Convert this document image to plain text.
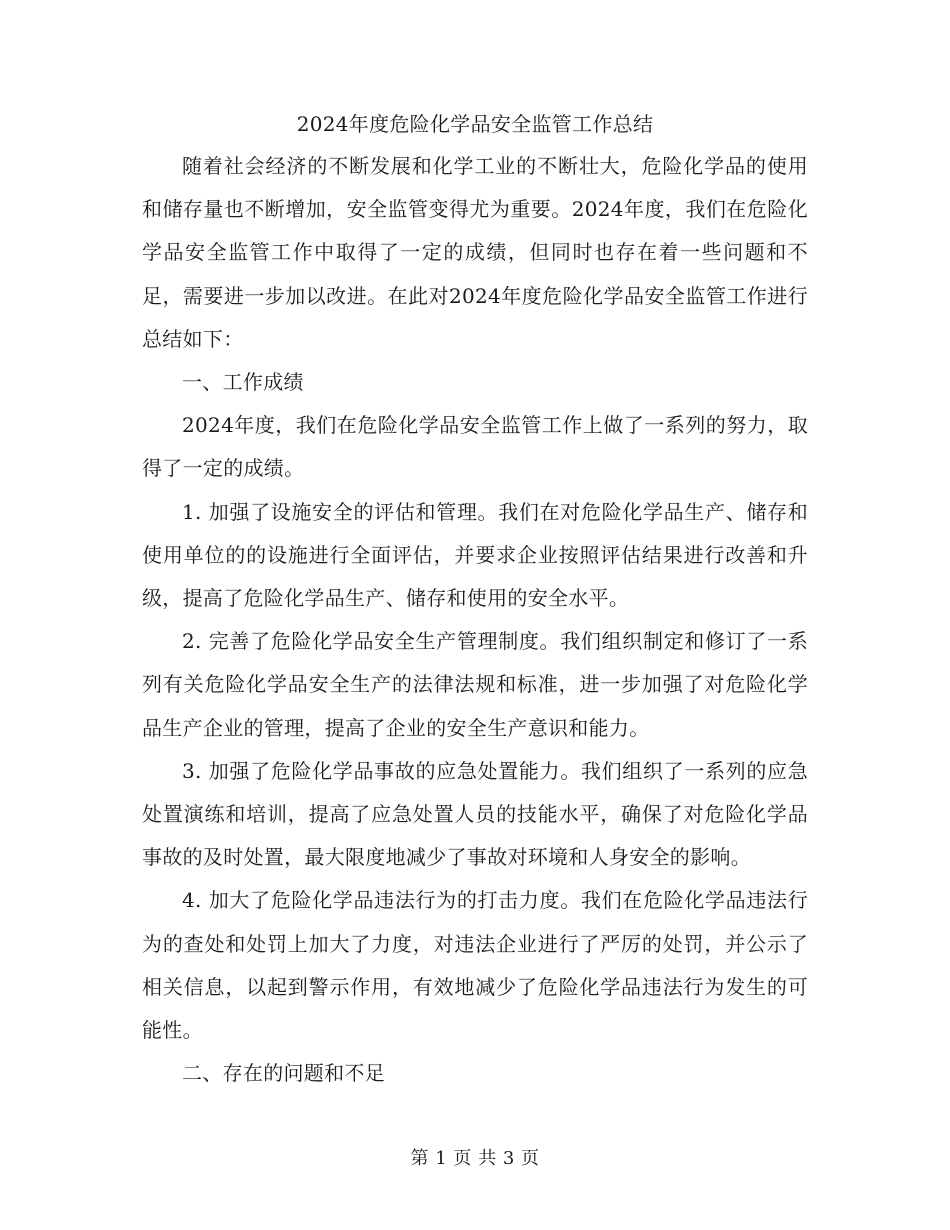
2024年度危险化学品安全监管工作总结

随着社会经济的不断发展和化学工业的不断壮大，危险化学品的使用和储存量也不断增加，安全监管变得尤为重要。2024年度，我们在危险化学品安全监管工作中取得了一定的成绩，但同时也存在着一些问题和不足，需要进一步加以改进。在此对2024年度危险化学品安全监管工作进行总结如下：

一、工作成绩

2024年度，我们在危险化学品安全监管工作上做了一系列的努力，取得了一定的成绩。

1. 加强了设施安全的评估和管理。我们在对危险化学品生产、储存和使用单位的的设施进行全面评估，并要求企业按照评估结果进行改善和升级，提高了危险化学品生产、储存和使用的安全水平。

2. 完善了危险化学品安全生产管理制度。我们组织制定和修订了一系列有关危险化学品安全生产的法律法规和标准，进一步加强了对危险化学品生产企业的管理，提高了企业的安全生产意识和能力。

3. 加强了危险化学品事故的应急处置能力。我们组织了一系列的应急处置演练和培训，提高了应急处置人员的技能水平，确保了对危险化学品事故的及时处置，最大限度地减少了事故对环境和人身安全的影响。

4. 加大了危险化学品违法行为的打击力度。我们在危险化学品违法行为的查处和处罚上加大了力度，对违法企业进行了严厉的处罚，并公示了相关信息，以起到警示作用，有效地减少了危险化学品违法行为发生的可能性。

二、存在的问题和不足

第 1 页 共 3 页
